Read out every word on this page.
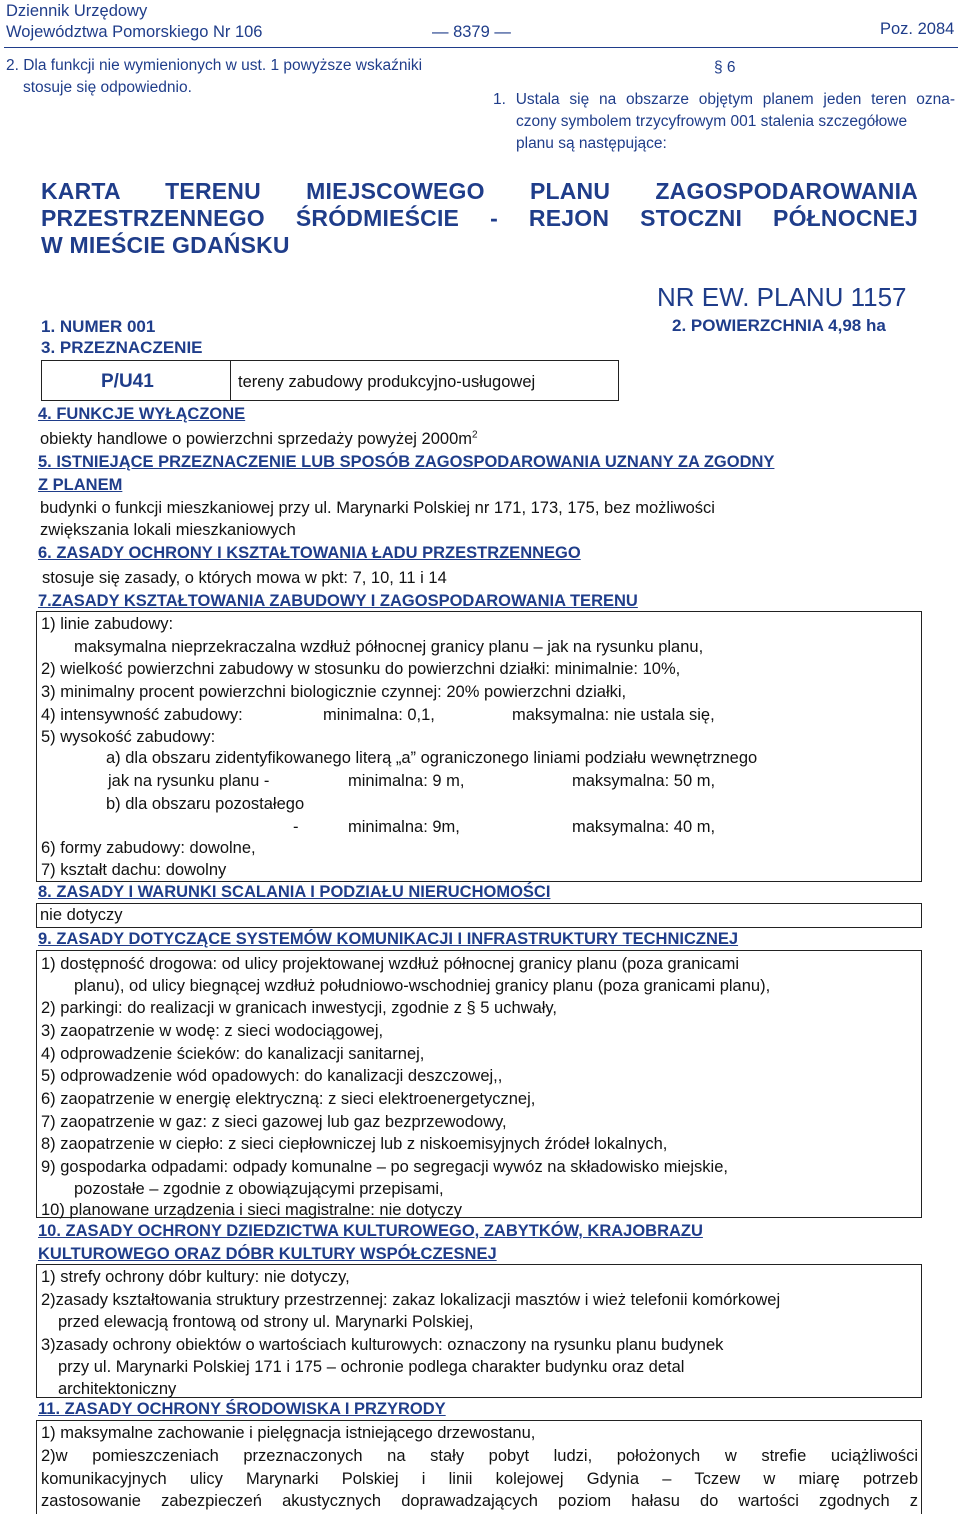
Dziennik Urzędowy
Województwa Pomorskiego Nr 106	— 8379 —	Poz. 2084
2. Dla funkcji nie wymienionych w ust. 1 powyższe wskaźniki
stosuje się odpowiednio.
§ 6
1. Ustala się na obszarze objętym planem jeden teren ozna-
czony symbolem trzycyfrowym 001 stalenia szczegółowe
planu są następujące:
KARTA TERENU MIEJSCOWEGO PLANU ZAGOSPODAROWANIA
PRZESTRZENNEGO ŚRÓDMIEŚCIE - REJON STOCZNI PÓŁNOCNEJ
W MIEŚCIE GDAŃSKU
NR EW. PLANU 1157
1. NUMER 001	2. POWIERZCHNIA 4,98 ha
3. PRZEZNACZENIE
P/U41	tereny zabudowy produkcyjno-usługowej
4. FUNKCJE WYŁĄCZONE
obiekty handlowe o powierzchni sprzedaży powyżej $2000m^2$
5. ISTNIEJĄCE PRZEZNACZENIE LUB SPOSÓB ZAGOSPODAROWANIA UZNANY ZA ZGODNY
Z PLANEM
budynki o funkcji mieszkaniowej przy ul. Marynarki Polskiej nr 171, 173, 175, bez możliwości
zwiększania lokali mieszkaniowych
6. ZASADY OCHRONY I KSZTAŁTOWANIA ŁADU PRZESTRZENNEGO
stosuje się zasady, o których mowa w pkt: 7, 10, 11 i 14
7.ZASADY KSZTAŁTOWANIA ZABUDOWY I ZAGOSPODAROWANIA TERENU
1) linie zabudowy:
maksymalna nieprzekraczalna wzdłuż północnej granicy planu – jak na rysunku planu,
2) wielkość powierzchni zabudowy w stosunku do powierzchni działki: minimalnie: 10%,
3) minimalny procent powierzchni biologicznie czynnej: 20% powierzchni działki,
4) intensywność zabudowy:	minimalna: 0,1,	maksymalna: nie ustala się,
5) wysokość zabudowy:
a) dla obszaru zidentyfikowanego literą „a” ograniczonego liniami podziału wewnętrznego
jak na rysunku planu -	minimalna: 9 m,	maksymalna: 50 m,
b) dla obszaru pozostałego
-	minimalna: 9m,	maksymalna: 40 m,
6) formy zabudowy: dowolne,
7) kształt dachu: dowolny
8. ZASADY I WARUNKI SCALANIA I PODZIAŁU NIERUCHOMOŚCI
nie dotyczy
9. ZASADY DOTYCZĄCE SYSTEMÓW KOMUNIKACJI I INFRASTRUKTURY TECHNICZNEJ
1) dostępność drogowa: od ulicy projektowanej wzdłuż północnej granicy planu (poza granicami
planu), od ulicy biegnącej wzdłuż południowo-wschodniej granicy planu (poza granicami planu),
2) parkingi: do realizacji w granicach inwestycji, zgodnie z § 5 uchwały,
3) zaopatrzenie w wodę: z sieci wodociągowej,
4) odprowadzenie ścieków: do kanalizacji sanitarnej,
5) odprowadzenie wód opadowych: do kanalizacji deszczowej,,
6) zaopatrzenie w energię elektryczną: z sieci elektroenergetycznej,
7) zaopatrzenie w gaz: z sieci gazowej lub gaz bezprzewodowy,
8) zaopatrzenie w ciepło: z sieci ciepłowniczej lub z niskoemisyjnych źródeł lokalnych,
9) gospodarka odpadami: odpady komunalne – po segregacji wywóz na składowisko miejskie,
pozostałe – zgodnie z obowiązującymi przepisami,
10) planowane urządzenia i sieci magistralne: nie dotyczy
10. ZASADY OCHRONY DZIEDZICTWA KULTUROWEGO, ZABYTKÓW, KRAJOBRAZU
KULTUROWEGO ORAZ DÓBR KULTURY WSPÓŁCZESNEJ
1) strefy ochrony dóbr kultury: nie dotyczy,
2)zasady kształtowania struktury przestrzennej: zakaz lokalizacji masztów i wież telefonii komórkowej
przed elewacją frontową od strony ul. Marynarki Polskiej,
3)zasady ochrony obiektów o wartościach kulturowych: oznaczony na rysunku planu budynek
przy ul. Marynarki Polskiej 171 i 175 – ochronie podlega charakter budynku oraz detal
architektoniczny
11. ZASADY OCHRONY ŚRODOWISKA I PRZYRODY
1) maksymalne zachowanie i pielęgnacja istniejącego drzewostanu,
2)w pomieszczeniach przeznaczonych na stały pobyt ludzi, położonych w strefie uciążliwości
komunikacyjnych ulicy Marynarki Polskiej i linii kolejowej Gdynia – Tczew w miarę potrzeb
zastosowanie zabezpieczeń akustycznych doprawadzających poziom hałasu do wartości zgodnych z
